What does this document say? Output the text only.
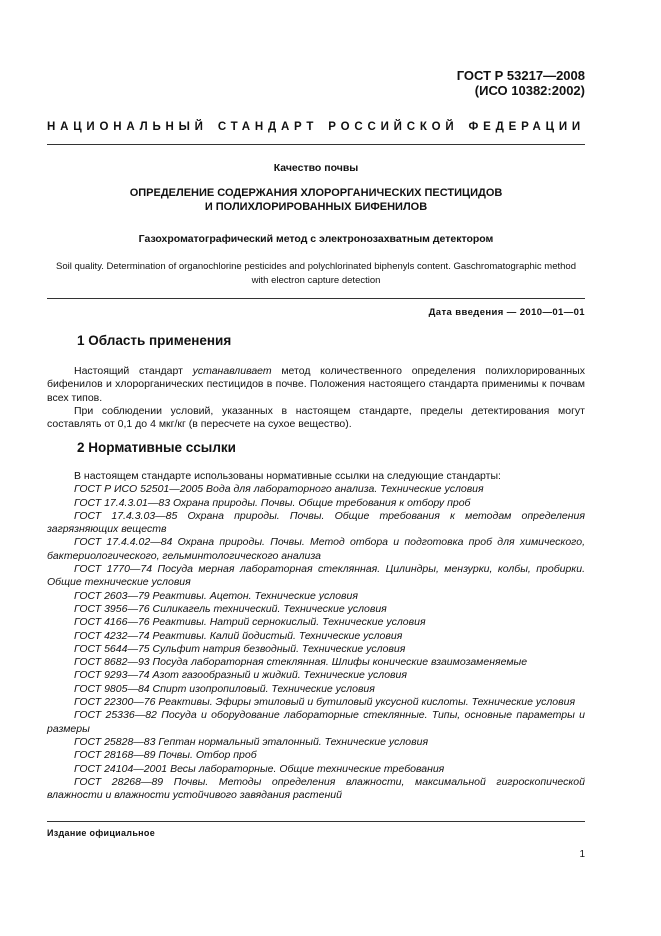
ГОСТ Р 53217—2008
(ИСО 10382:2002)
НАЦИОНАЛЬНЫЙ СТАНДАРТ РОССИЙСКОЙ ФЕДЕРАЦИИ
Качество почвы
ОПРЕДЕЛЕНИЕ СОДЕРЖАНИЯ ХЛОРОРГАНИЧЕСКИХ ПЕСТИЦИДОВ
И ПОЛИХЛОРИРОВАННЫХ БИФЕНИЛОВ
Газохроматографический метод с электронозахватным детектором
Soil quality. Determination of organochlorine pesticides and polychlorinated biphenyls content. Gaschromatographic method with electron capture detection
Дата введения — 2010—01—01
1 Область применения

Настоящий стандарт устанавливает метод количественного определения полихлорированных бифенилов и хлорорганических пестицидов в почве. Положения настоящего стандарта применимы к почвам всех типов.

При соблюдении условий, указанных в настоящем стандарте, пределы детектирования могут составлять от 0,1 до 4 мкг/кг (в пересчете на сухое вещество).

2 Нормативные ссылки

В настоящем стандарте использованы нормативные ссылки на следующие стандарты:

ГОСТ Р ИСО 52501—2005 Вода для лабораторного анализа. Технические условия

ГОСТ 17.4.3.01—83 Охрана природы. Почвы. Общие требования к отбору проб

ГОСТ 17.4.3.03—85 Охрана природы. Почвы. Общие требования к методам определения загрязняющих веществ

ГОСТ 17.4.4.02—84 Охрана природы. Почвы. Метод отбора и подготовка проб для химического, бактериологического, гельминтологического анализа

ГОСТ 1770—74 Посуда мерная лабораторная стеклянная. Цилиндры, мензурки, колбы, пробирки. Общие технические условия

ГОСТ 2603—79 Реактивы. Ацетон. Технические условия

ГОСТ 3956—76 Силикагель технический. Технические условия

ГОСТ 4166—76 Реактивы. Натрий сернокислый. Технические условия

ГОСТ 4232—74 Реактивы. Калий йодистый. Технические условия

ГОСТ 5644—75 Сульфит натрия безводный. Технические условия

ГОСТ 8682—93 Посуда лабораторная стеклянная. Шлифы конические взаимозаменяемые

ГОСТ 9293—74 Азот газообразный и жидкий. Технические условия

ГОСТ 9805—84 Спирт изопропиловый. Технические условия

ГОСТ 22300—76 Реактивы. Эфиры этиловый и бутиловый уксусной кислоты. Технические условия

ГОСТ 25336—82 Посуда и оборудование лабораторные стеклянные. Типы, основные параметры и размеры

ГОСТ 25828—83 Гептан нормальный эталонный. Технические условия

ГОСТ 28168—89 Почвы. Отбор проб

ГОСТ 24104—2001 Весы лабораторные. Общие технические требования

ГОСТ 28268—89 Почвы. Методы определения влажности, максимальной гигроскопической влажности и влажности устойчивого завядания растений

Издание официальное
1
